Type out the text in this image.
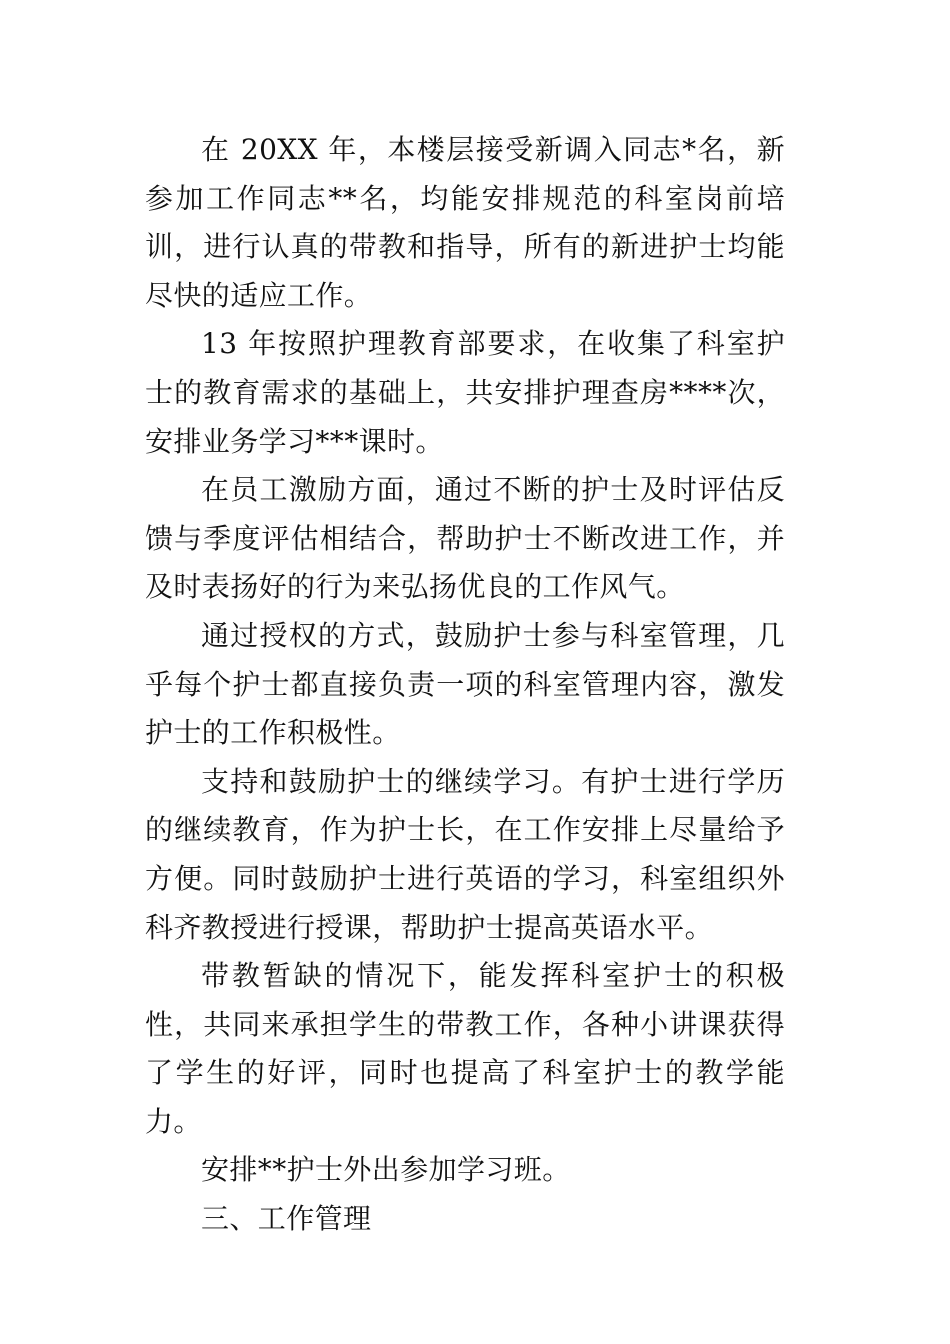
在 20XX 年，本楼层接受新调入同志*名，新参加工作同志**名，均能安排规范的科室岗前培训，进行认真的带教和指导，所有的新进护士均能尽快的适应工作。

13 年按照护理教育部要求，在收集了科室护士的教育需求的基础上，共安排护理查房****次，安排业务学习***课时。

在员工激励方面，通过不断的护士及时评估反馈与季度评估相结合，帮助护士不断改进工作，并及时表扬好的行为来弘扬优良的工作风气。

通过授权的方式，鼓励护士参与科室管理，几乎每个护士都直接负责一项的科室管理内容，激发护士的工作积极性。

支持和鼓励护士的继续学习。有护士进行学历的继续教育，作为护士长，在工作安排上尽量给予方便。同时鼓励护士进行英语的学习，科室组织外科齐教授进行授课，帮助护士提高英语水平。

带教暂缺的情况下，能发挥科室护士的积极性，共同来承担学生的带教工作，各种小讲课获得了学生的好评，同时也提高了科室护士的教学能力。

安排**护士外出参加学习班。

三、工作管理
